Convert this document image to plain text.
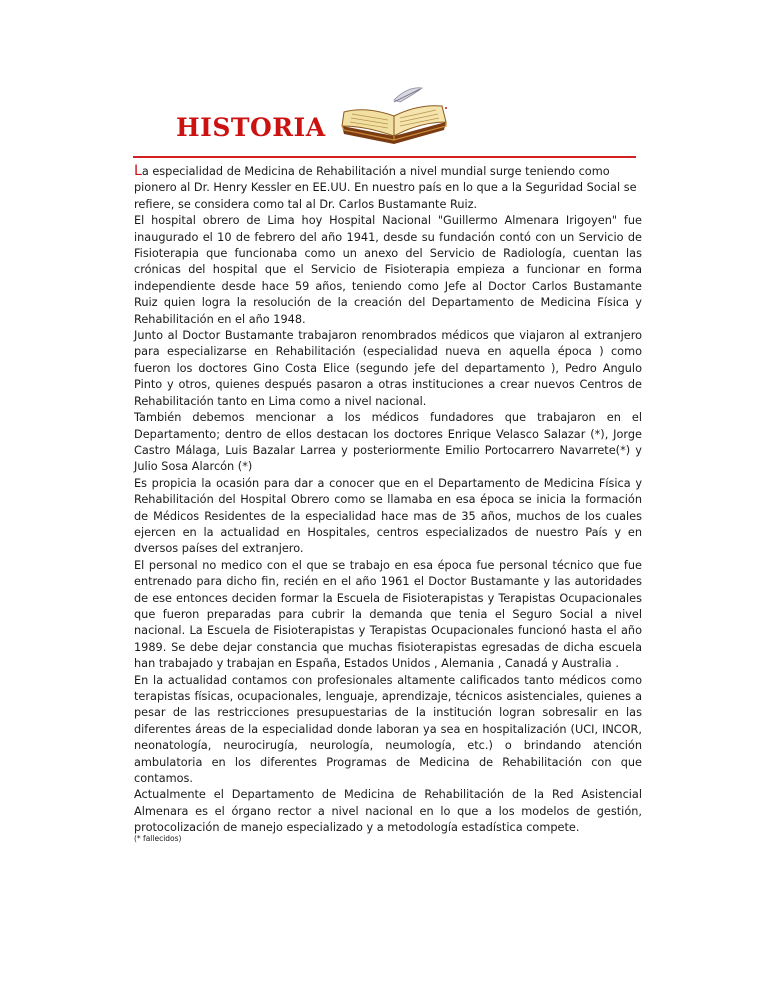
HISTORIA

La especialidad de Medicina de Rehabilitación a nivel mundial surge teniendo como pionero al Dr. Henry Kessler en EE.UU. En nuestro país en lo que a la Seguridad Social se refiere, se considera como tal al Dr. Carlos Bustamante Ruiz.

El hospital obrero de Lima hoy Hospital Nacional "Guillermo Almenara Irigoyen" fue inaugurado el 10 de febrero del año 1941, desde su fundación contó con un Servicio de Fisioterapia que funcionaba como un anexo del Servicio de Radiología, cuentan las crónicas del hospital que el Servicio de Fisioterapia empieza a funcionar en forma independiente desde hace 59 años, teniendo como Jefe al Doctor Carlos Bustamante Ruiz quien logra la resolución de la creación del Departamento de Medicina Física y Rehabilitación en el año 1948.

Junto al Doctor Bustamante trabajaron renombrados médicos que viajaron al extranjero para especializarse en Rehabilitación (especialidad nueva en aquella época ) como fueron los doctores Gino Costa Elice (segundo jefe del departamento ), Pedro Angulo Pinto y otros, quienes después pasaron a otras instituciones a crear nuevos Centros de Rehabilitación tanto en Lima como a nivel nacional.

También debemos mencionar a los médicos fundadores que trabajaron en el Departamento; dentro de ellos destacan los doctores Enrique Velasco Salazar (*), Jorge Castro Málaga, Luis Bazalar Larrea y posteriormente Emilio Portocarrero Navarrete(*) y Julio Sosa Alarcón (*)

Es propicia la ocasión para dar a conocer que en el Departamento de Medicina Física y Rehabilitación del Hospital Obrero como se llamaba en esa época se inicia la formación de Médicos Residentes de la especialidad hace mas de 35 años, muchos de los cuales ejercen en la actualidad en Hospitales, centros especializados de nuestro País y en dversos países del extranjero.

El personal no medico con el que se trabajo en esa época fue personal técnico que fue entrenado para dicho fin, recién en el año 1961 el Doctor Bustamante y las autoridades de ese entonces deciden formar la Escuela de Fisioterapistas y Terapistas Ocupacionales que fueron preparadas para cubrir la demanda que tenia el Seguro Social a nivel nacional. La Escuela de Fisioterapistas y Terapistas Ocupacionales funcionó hasta el año 1989. Se debe dejar constancia que muchas fisioterapistas egresadas de dicha escuela han trabajado y trabajan en España, Estados Unidos , Alemania , Canadá y Australia .

En la actualidad contamos con profesionales altamente calificados tanto médicos como terapistas físicas, ocupacionales, lenguaje, aprendizaje, técnicos asistenciales, quienes a pesar de las restricciones presupuestarias de la institución logran sobresalir en las diferentes áreas de la especialidad donde laboran ya sea en hospitalización (UCI, INCOR, neonatología, neurocirugía, neurología, neumología, etc.) o brindando atención ambulatoria en los diferentes Programas de Medicina de Rehabilitación con que contamos.

Actualmente el Departamento de Medicina de Rehabilitación de la Red Asistencial Almenara es el órgano rector a nivel nacional en lo que a los modelos de gestión, protocolización de manejo especializado y a metodología estadística compete.

(* fallecidos)
